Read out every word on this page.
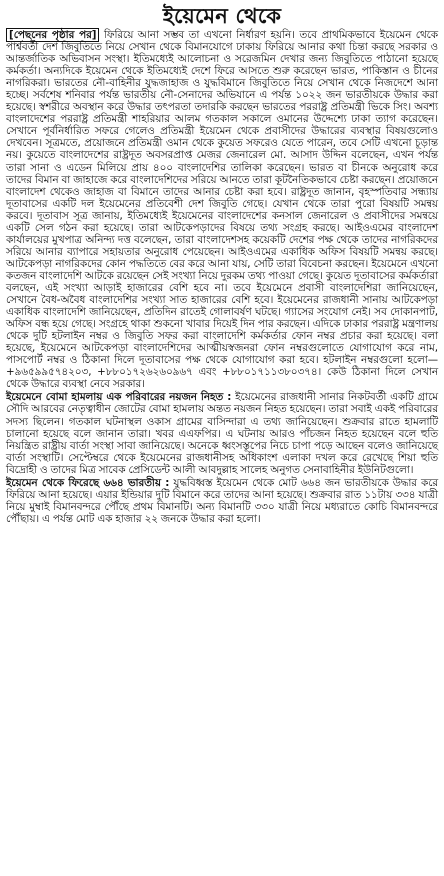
ইয়েমেন থেকে

[পেছনের পৃষ্ঠার পর] ফিরিয়ে আনা সম্ভব তা এখনো নির্ধারণ হয়নি। তবে প্রাথমিকভাবে ইয়েমেন থেকে পার্শ্ববর্তী দেশ জিবুতিতে নিয়ে সেখান থেকে বিমানযোগে ঢাকায় ফিরিয়ে আনার কথা চিন্তা করছে সরকার ও আন্তর্জাতিক অভিবাসন সংস্থা। ইতিমধ্যেই আলোচনা ও সরেজমিন দেখার জন্য জিবুতিতে পাঠানো হয়েছে কর্মকর্তা। অন্যদিকে ইয়েমেন থেকে ইতিমধ্যেই দেশে ফিরে আসতে শুরু করেছেন ভারত, পাকিস্তান ও চীনের নাগরিকরা। ভারতের নৌ-বাহিনীর যুদ্ধজাহাজ ও যুদ্ধবিমানে জিবুতিতে নিয়ে সেখান থেকে নিজদেশে আনা হচ্ছে। সর্বশেষ শনিবার পর্যন্ত ভারতীয় নৌ-সেনাদের অভিযানে এ পর্যন্ত ১০২২ জন ভারতীয়কে উদ্ধার করা হয়েছে। স্বশরীরে অবস্থান করে উদ্ধার তৎপরতা তদারকি করছেন ভারতের পররাষ্ট্র প্রতিমন্ত্রী ভিকে সিং। অবশ্য বাংলাদেশের পররাষ্ট্র প্রতিমন্ত্রী শাহরিয়ার আলম গতকাল সকালে ওমানের উদ্দেশ্যে ঢাকা ত্যাগ করেছেন। সেখানে পূর্বনির্ধারিত সফরে গেলেও প্রতিমন্ত্রী ইয়েমেন থেকে প্রবাসীদের উদ্ধারের ব্যবস্থার বিষয়গুলোও দেখবেন। সূত্রমতে, প্রয়োজনে প্রতিমন্ত্রী ওমান থেকে কুয়েত সফরেও যেতে পারেন, তবে সেটি এখনো চূড়ান্ত নয়। কুয়েতে বাংলাদেশের রাষ্ট্রদূত অবসরপ্রাপ্ত মেজর জেনারেল মো. আসাদ উদ্দিন বলেছেন, এখন পর্যন্ত তারা সানা ও এডেন মিলিয়ে প্রায় ৪০০ বাংলাদেশির তালিকা করেছেন। ভারত বা চীনকে অনুরোধ করে তাদের বিমান বা জাহাজে করে বাংলাদেশিদের সরিয়ে আনতে তারা কূটনৈতিকভাবে চেষ্টা করছেন। প্রয়োজনে বাংলাদেশ থেকেও জাহাজ বা বিমানে তাদের আনার চেষ্টা করা হবে। রাষ্ট্রদূত জানান, বৃহস্পতিবার সন্ধ্যায় দূতাবাসের একটি দল ইয়েমেনের প্রতিবেশী দেশ জিবুতি গেছে। যেখান থেকে তারা পুরো বিষয়টি সমন্বয় করবে। দূতাবাস সূত্র জানায়, ইতিমধ্যেই ইয়েমেনের বাংলাদেশের কনসাল জেনারেল ও প্রবাসীদের সমন্বয়ে একটি সেল গঠন করা হয়েছে। তারা আটকেপড়াদের বিষয়ে তথ্য সংগ্রহ করছে। আইওএমের বাংলাদেশ কার্যালয়ের মুখপাত্র অনিন্দ্য দত্ত বলেছেন, তারা বাংলাদেশসহ কয়েকটি দেশের পক্ষ থেকে তাদের নাগরিকদের সরিয়ে আনার ব্যাপারে সহায়তার অনুরোধ পেয়েছেন। আইওএমের একাধিক অফিস বিষয়টি সমন্বয় করছে। আটকেপড়া নাগরিকদের কোন পদ্ধতিতে বের করে আনা যায়, সেটি তারা বিবেচনা করছেন। ইয়েমেনে এখনো কতজন বাংলাদেশি আটকে রয়েছেন সেই সংখ্যা নিয়ে দুরকম তথ্য পাওয়া গেছে। কুয়েত দূতাবাসের কর্মকর্তারা বলছেন, এই সংখ্যা আড়াই হাজারের বেশি হবে না। তবে ইয়েমেনে প্রবাসী বাংলাদেশিরা জানিয়েছেন, সেখানে বৈধ-অবৈধ বাংলাদেশির সংখ্যা সাত হাজারের বেশি হবে। ইয়েমেনের রাজধানী সানায় আটকেপড়া একাধিক বাংলাদেশি জানিয়েছেন, প্রতিদিন রাতেই গোলাবর্ষণ ঘটছে। গ্যাসের সংযোগ নেই। সব দোকানপাট, অফিস বন্ধ হয়ে গেছে। সংগ্রহে থাকা শুকনো খাবার দিয়েই দিন পার করছেন। এদিকে ঢাকার পররাষ্ট্র মন্ত্রণালয় থেকে দুটি হটলাইন নম্বর ও জিবুতি সফর করা বাংলাদেশি কর্মকর্তার ফোন নম্বর প্রচার করা হয়েছে। বলা হয়েছে, ইয়েমেনে আটকেপড়া বাংলাদেশিদের আত্মীয়স্বজনরা ফোন নম্বরগুলোতে যোগাযোগ করে নাম, পাসপোর্ট নম্বর ও ঠিকানা দিলে দূতাবাসের পক্ষ থেকে যোগাযোগ করা হবে। হটলাইন নম্বরগুলো হলো— +৯৬৫৯৯৫৭৪২০৩, +৮৮০১৭২৬২৬০৯৬৭ এবং +৮৮০১৭১১৩৮০৩৭৪। কেউ ঠিকানা দিলে সেখান থেকে উদ্ধারে ব্যবস্থা নেবে সরকার।

ইয়েমেনে বোমা হামলায় এক পরিবারের নয়জন নিহত : ইয়েমেনের রাজধানী সানার নিকটবর্তী একটি গ্রামে সৌদি আরবের নেতৃত্বাধীন জোটের বোমা হামলায় অন্তত নয়জন নিহত হয়েছেন। তারা সবাই একই পরিবারের সদস্য ছিলেন। গতকাল ঘটনাস্থল ওকাস গ্রামের বাসিন্দারা এ তথ্য জানিয়েছেন। শুক্রবার রাতে হামলাটি চালানো হয়েছে বলে জানান তারা। খবর এএফপির। এ ঘটনায় আরও পাঁচজন নিহত হয়েছেন বলে হুতি নিয়ন্ত্রিত রাষ্ট্রীয় বার্তা সংস্থা সাবা জানিয়েছে। অনেকে ধ্বংসস্তূপের নিচে চাপা পড়ে আছেন বলেও জানিয়েছে বার্তা সংস্থাটি। সেপ্টেম্বরে থেকে ইয়েমেনের রাজধানীসহ অধিকাংশ এলাকা দখল করে রেখেছে শিয়া হুতি বিদ্রোহী ও তাদের মিত্র সাবেক প্রেসিডেন্ট আলী আবদুল্লাহ সালেহ অনুগত সেনাবাহিনীর ইউনিটগুলো।

ইয়েমেন থেকে ফিরেছে ৬৬৪ ভারতীয় : যুদ্ধবিধ্বস্ত ইয়েমেন থেকে মোট ৬৬৪ জন ভারতীয়কে উদ্ধার করে ফিরিয়ে আনা হয়েছে। এয়ার ইন্ডিয়ার দুটি বিমানে করে তাদের আনা হয়েছে। শুক্রবার রাত ১১টায় ৩৩৪ যাত্রী নিয়ে মুম্বাই বিমানবন্দরে পৌঁছে প্রথম বিমানটি। অন্য বিমানটি ৩৩০ যাত্রী নিয়ে মধ্যরাতে কোচি বিমানবন্দরে পৌঁছায়। এ পর্যন্ত মোট এক হাজার ২২ জনকে উদ্ধার করা হলো।
